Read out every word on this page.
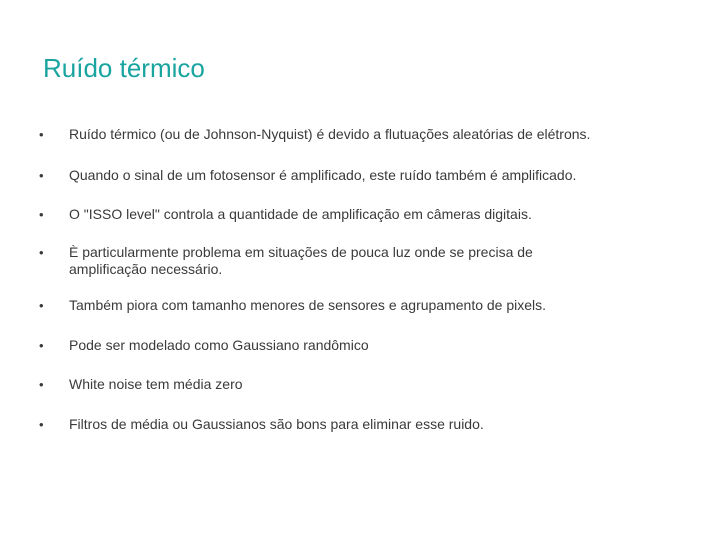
Ruído térmico
• Ruído térmico (ou de Johnson-Nyquist) é devido a flutuações aleatórias de elétrons.
• Quando o sinal de um fotosensor é amplificado, este ruído também é amplificado.
• O "ISSO level" controla a quantidade de amplificação em câmeras digitais.
• È particularmente problema em situações de pouca luz onde se precisa de amplificação necessário.
• Também piora com tamanho menores de sensores e agrupamento de pixels.
• Pode ser modelado como Gaussiano randômico
• White noise tem média zero
• Filtros de média ou Gaussianos são bons para eliminar esse ruido.
